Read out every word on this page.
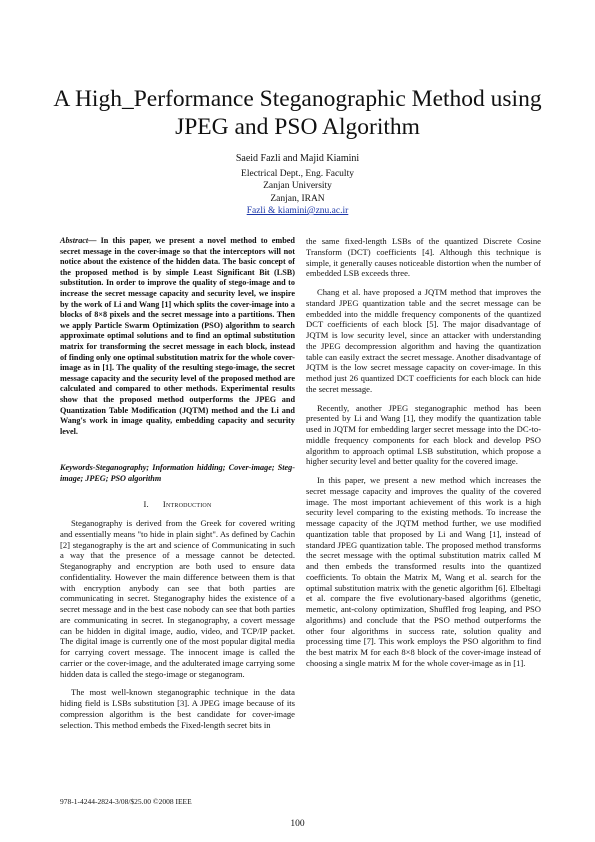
A High_Performance Steganographic Method using JPEG and PSO Algorithm
Saeid Fazli and Majid Kiamini
Electrical Dept., Eng. Faculty
Zanjan University
Zanjan, IRAN
Fazli & kiamini@znu.ac.ir

Abstract— In this paper, we present a novel method to embed secret message in the cover-image so that the interceptors will not notice about the existence of the hidden data. The basic concept of the proposed method is by simple Least Significant Bit (LSB) substitution. In order to improve the quality of stego-image and to increase the secret message capacity and security level, we inspire by the work of Li and Wang [1] which splits the cover-image into a blocks of 8×8 pixels and the secret message into a partitions. Then we apply Particle Swarm Optimization (PSO) algorithm to search approximate optimal solutions and to find an optimal substitution matrix for transforming the secret message in each block, instead of finding only one optimal substitution matrix for the whole cover-image as in [1]. The quality of the resulting stego-image, the secret message capacity and the security level of the proposed method are calculated and compared to other methods. Experimental results show that the proposed method outperforms the JPEG and Quantization Table Modification (JQTM) method and the Li and Wang's work in image quality, embedding capacity and security level.

Keywords-Steganography; Information hidding; Cover-image; Steg-image; JPEG; PSO algorithm

I. Introduction

Steganography is derived from the Greek for covered writing and essentially means "to hide in plain sight". As defined by Cachin [2] steganography is the art and science of Communicating in such a way that the presence of a message cannot be detected. Steganography and encryption are both used to ensure data confidentiality. However the main difference between them is that with encryption anybody can see that both parties are communicating in secret. Steganography hides the existence of a secret message and in the best case nobody can see that both parties are communicating in secret. In steganography, a covert message can be hidden in digital image, audio, video, and TCP/IP packet. The digital image is currently one of the most popular digital media for carrying covert message. The innocent image is called the carrier or the cover-image, and the adulterated image carrying some hidden data is called the stego-image or steganogram.

The most well-known steganographic technique in the data hiding field is LSBs substitution [3]. A JPEG image because of its compression algorithm is the best candidate for cover-image selection. This method embeds the Fixed-length secret bits in

the same fixed-length LSBs of the quantized Discrete Cosine Transform (DCT) coefficients [4]. Although this technique is simple, it generally causes noticeable distortion when the number of embedded LSB exceeds three.

Chang et al. have proposed a JQTM method that improves the standard JPEG quantization table and the secret message can be embedded into the middle frequency components of the quantized DCT coefficients of each block [5]. The major disadvantage of JQTM is low security level, since an attacker with understanding the JPEG decompression algorithm and having the quantization table can easily extract the secret message. Another disadvantage of JQTM is the low secret message capacity on cover-image. In this method just 26 quantized DCT coefficients for each block can hide the secret message.

Recently, another JPEG steganographic method has been presented by Li and Wang [1], they modify the quantization table used in JQTM for embedding larger secret message into the DC-to-middle frequency components for each block and develop PSO algorithm to approach optimal LSB substitution, which propose a higher security level and better quality for the covered image.

In this paper, we present a new method which increases the secret message capacity and improves the quality of the covered image. The most important achievement of this work is a high security level comparing to the existing methods. To increase the message capacity of the JQTM method further, we use modified quantization table that proposed by Li and Wang [1], instead of standard JPEG quantization table. The proposed method transforms the secret message with the optimal substitution matrix called M and then embeds the transformed results into the quantized coefficients. To obtain the Matrix M, Wang et al. search for the optimal substitution matrix with the genetic algorithm [6]. Elbeltagi et al. compare the five evolutionary-based algorithms (genetic, memetic, ant-colony optimization, Shuffled frog leaping, and PSO algorithms) and conclude that the PSO method outperforms the other four algorithms in success rate, solution quality and processing time [7]. This work employs the PSO algorithm to find the best matrix M for each 8×8 block of the cover-image instead of choosing a single matrix M for the whole cover-image as in [1].

978-1-4244-2824-3/08/$25.00 ©2008 IEEE
100
